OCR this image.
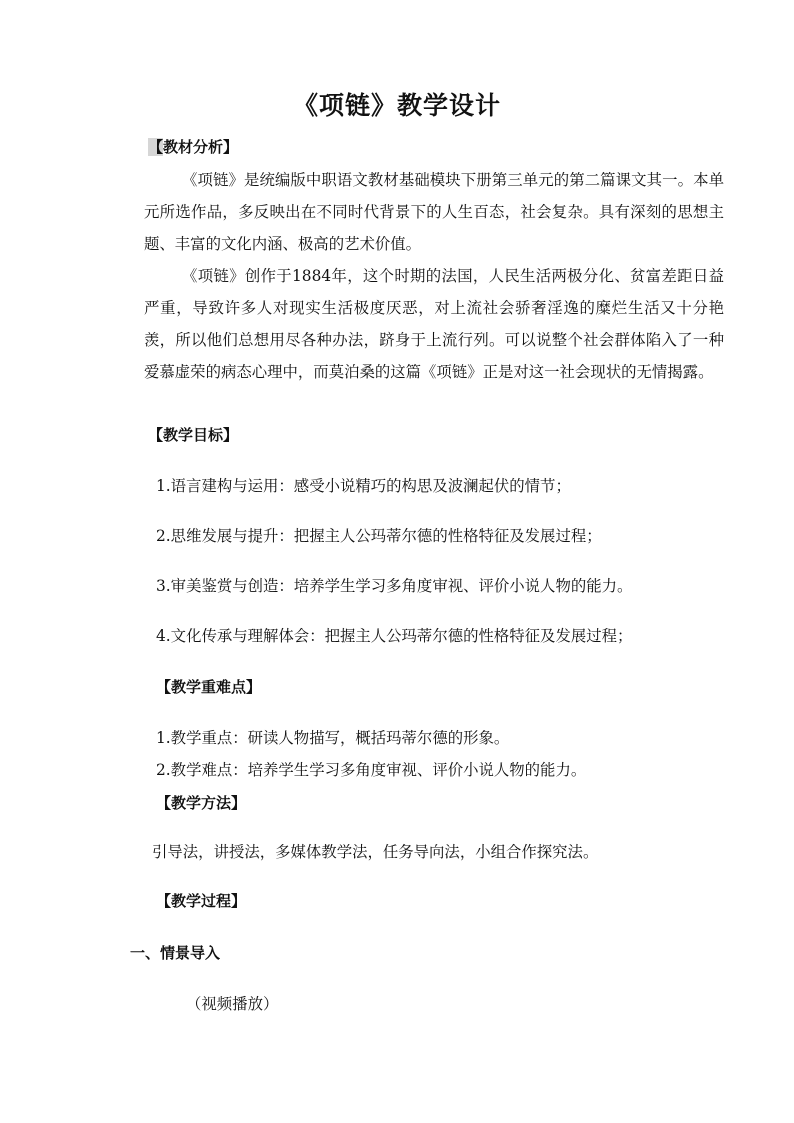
《项链》教学设计
【教材分析】
《项链》是统编版中职语文教材基础模块下册第三单元的第二篇课文其一。本单元所选作品，多反映出在不同时代背景下的人生百态，社会复杂。具有深刻的思想主题、丰富的文化内涵、极高的艺术价值。
《项链》创作于1884年，这个时期的法国，人民生活两极分化、贫富差距日益严重，导致许多人对现实生活极度厌恶，对上流社会骄奢淫逸的糜烂生活又十分艳羡，所以他们总想用尽各种办法，跻身于上流行列。可以说整个社会群体陷入了一种爱慕虚荣的病态心理中，而莫泊桑的这篇《项链》正是对这一社会现状的无情揭露。
【教学目标】
1.语言建构与运用：感受小说精巧的构思及波澜起伏的情节；
2.思维发展与提升：把握主人公玛蒂尔德的性格特征及发展过程；
3.审美鉴赏与创造：培养学生学习多角度审视、评价小说人物的能力。
4.文化传承与理解体会：把握主人公玛蒂尔德的性格特征及发展过程；
【教学重难点】
1.教学重点：研读人物描写，概括玛蒂尔德的形象。
2.教学难点：培养学生学习多角度审视、评价小说人物的能力。
【教学方法】
引导法，讲授法，多媒体教学法，任务导向法，小组合作探究法。
【教学过程】
一、情景导入
（视频播放）
